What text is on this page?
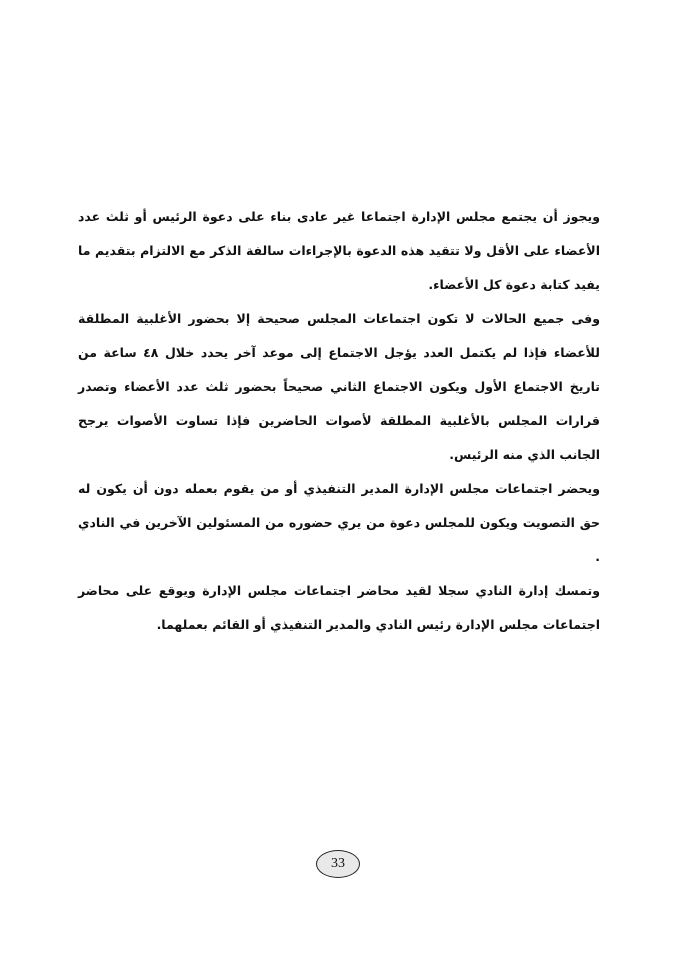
ويجوز أن يجتمع مجلس الإدارة اجتماعا غير عادى بناء على دعوة الرئيس أو ثلث عدد الأعضاء على الأقل ولا تتقيد هذه الدعوة بالإجراءات سالفة الذكر مع الالتزام بتقديم ما يفيد كتابة دعوة كل الأعضاء.

وفى جميع الحالات لا تكون اجتماعات المجلس صحيحة إلا بحضور الأغلبية المطلقة للأعضاء فإذا لم يكتمل العدد يؤجل الاجتماع إلى موعد آخر يحدد خلال ٤٨ ساعة من تاريخ الاجتماع الأول ويكون الاجتماع الثاني صحيحاً بحضور ثلث عدد الأعضاء وتصدر قرارات المجلس بالأغلبية المطلقة لأصوات الحاضرين فإذا تساوت الأصوات يرجح الجانب الذي منه الرئيس.

ويحضر اجتماعات مجلس الإدارة المدير التنفيذي أو من يقوم بعمله دون أن يكون له حق التصويت ويكون للمجلس دعوة من يري حضوره من المسئولين الآخرين في النادي .

وتمسك إدارة النادي سجلا لقيد محاضر اجتماعات مجلس الإدارة ويوقع على محاضر اجتماعات مجلس الإدارة رئيس النادي والمدير التنفيذي أو القائم بعملهما.

33
